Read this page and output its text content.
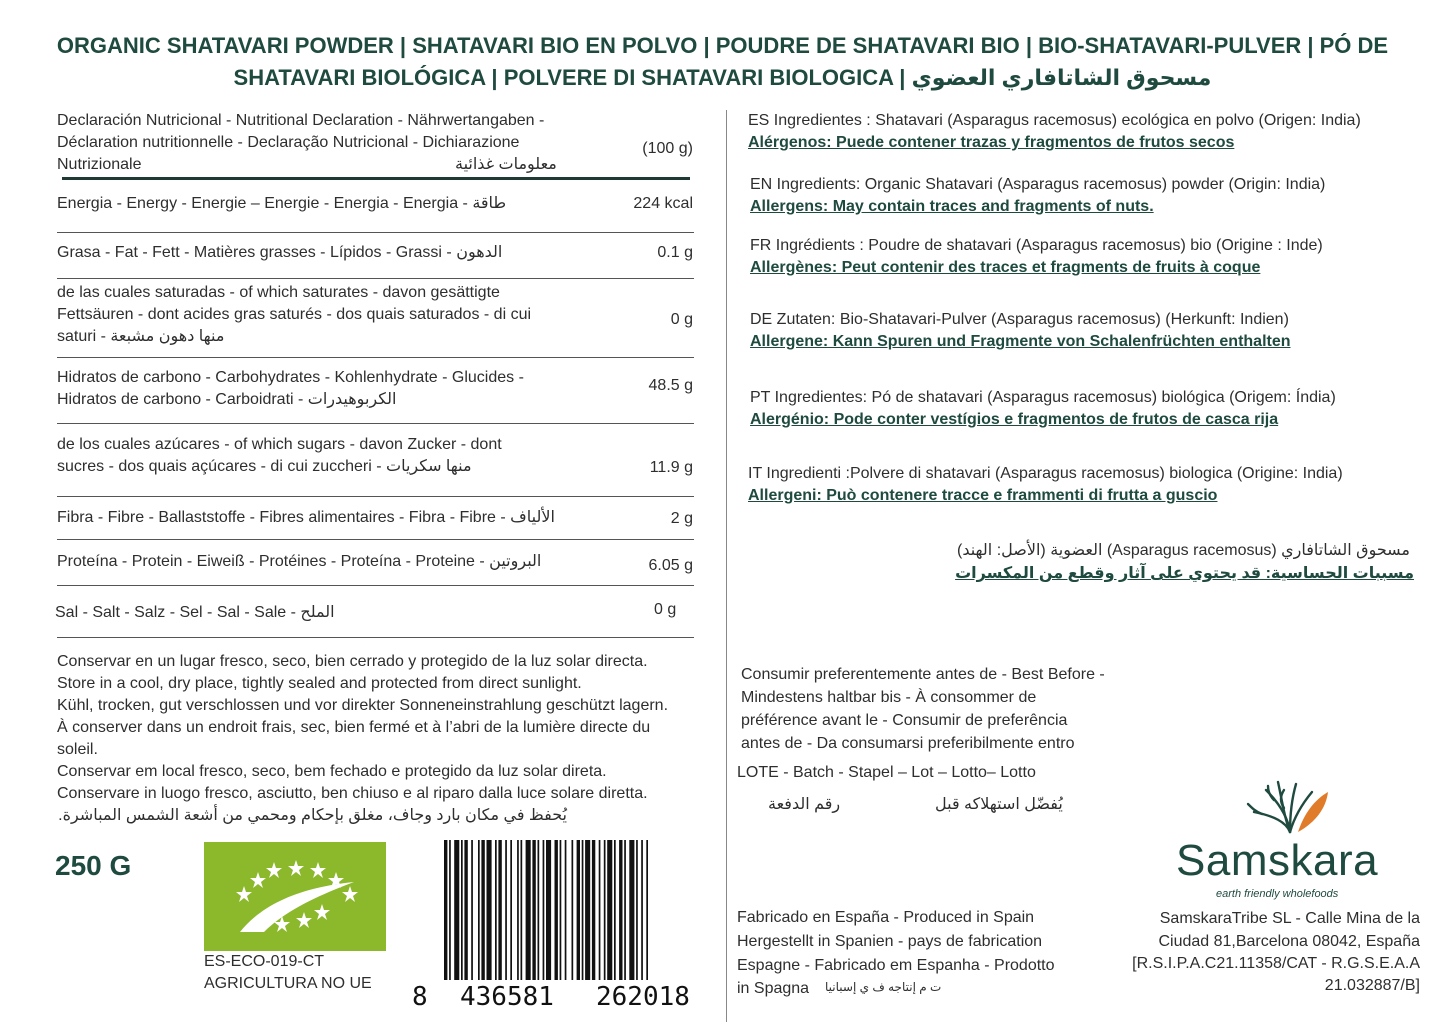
ORGANIC SHATAVARI POWDER | SHATAVARI BIO EN POLVO | POUDRE DE SHATAVARI BIO | BIO-SHATAVARI-PULVER | PÓ DE SHATAVARI BIOLÓGICA | POLVERE DI SHATAVARI BIOLOGICA | مسحوق الشاتافاري العضوي
Declaración Nutricional - Nutritional Declaration - Nährwertangaben -
Déclaration nutritionnelle - Declaração Nutricional - Dichiarazione
Nutrizionale	معلومات غذائية
(100 g)
Energia - Energy - Energie – Energie - Energia - Energia - طاقة	224 kcal
Grasa - Fat - Fett - Matières grasses - Lípidos - Grassi - الدهون	0.1 g
de las cuales saturadas - of which saturates - davon gesättigte
Fettsäuren - dont acides gras saturés - dos quais saturados - di cui
saturi - منها دهون مشبعة
0 g
Hidratos de carbono - Carbohydrates - Kohlenhydrate - Glucides -
Hidratos de carbono - Carboidrati - الكربوهيدرات
48.5 g
de los cuales azúcares - of which sugars - davon Zucker - dont
sucres - dos quais açúcares - di cui zuccheri - منها سكريات	11.9 g
Fibra - Fibre - Ballaststoffe - Fibres alimentaires - Fibra - Fibre - الألياف	2 g
Proteína - Protein - Eiweiß - Protéines - Proteína - Proteine - البروتين	6.05 g
Sal - Salt - Salz - Sel - Sal - Sale - الملح	0 g
Conservar en un lugar fresco, seco, bien cerrado y protegido de la luz solar directa.
Store in a cool, dry place, tightly sealed and protected from direct sunlight.
Kühl, trocken, gut verschlossen und vor direkter Sonneneinstrahlung geschützt lagern.
À conserver dans un endroit frais, sec, bien fermé et à l’abri de la lumière directe du
soleil.
Conservar em local fresco, seco, bem fechado e protegido da luz solar direta.
Conservare in luogo fresco, asciutto, ben chiuso e al riparo dalla luce solare diretta.
يُحفظ في مكان بارد وجاف، مغلق بإحكام ومحمي من أشعة الشمس المباشرة.
250 G
ES-ECO-019-CT
AGRICULTURA NO UE 8 436581 262018
ES Ingredientes : Shatavari (Asparagus racemosus) ecológica en polvo (Origen: India)
Alérgenos: Puede contener trazas y fragmentos de frutos secos
EN Ingredients: Organic Shatavari (Asparagus racemosus) powder (Origin: India)
Allergens: May contain traces and fragments of nuts.
FR Ingrédients : Poudre de shatavari (Asparagus racemosus) bio (Origine : Inde)
Allergènes: Peut contenir des traces et fragments de fruits à coque
DE Zutaten: Bio-Shatavari-Pulver (Asparagus racemosus) (Herkunft: Indien)
Allergene: Kann Spuren und Fragmente von Schalenfrüchten enthalten
PT Ingredientes: Pó de shatavari (Asparagus racemosus) biológica (Origem: Índia)
Alergénio: Pode conter vestígios e fragmentos de frutos de casca rija
IT Ingredienti :Polvere di shatavari (Asparagus racemosus) biologica (Origine: India)
Allergeni: Può contenere tracce e frammenti di frutta a guscio
مسحوق الشاتافاري (Asparagus racemosus) العضوية (الأصل: الهند)
مسببات الحساسية: قد يحتوي على آثار وقطع من المكسرات
Consumir preferentemente antes de - Best Before -
Mindestens haltbar bis - À consommer de
préférence avant le - Consumir de preferência
antes de - Da consumarsi preferibilmente entro
LOTE - Batch - Stapel – Lot – Lotto– Lotto
رقم الدفعة	يُفضّل استهلاكه قبل
Samskara
earth friendly wholefoods
Fabricado en España - Produced in Spain
Hergestellt in Spanien - pays de fabrication
Espagne - Fabricado em Espanha - Prodotto
in Spagna ت م إنتاجه ف ي إسبانيا
SamskaraTribe SL - Calle Mina de la
Ciudad 81,Barcelona 08042, España
[R.S.I.P.A.C21.11358/CAT - R.G.S.E.A.A
21.032887/B]
